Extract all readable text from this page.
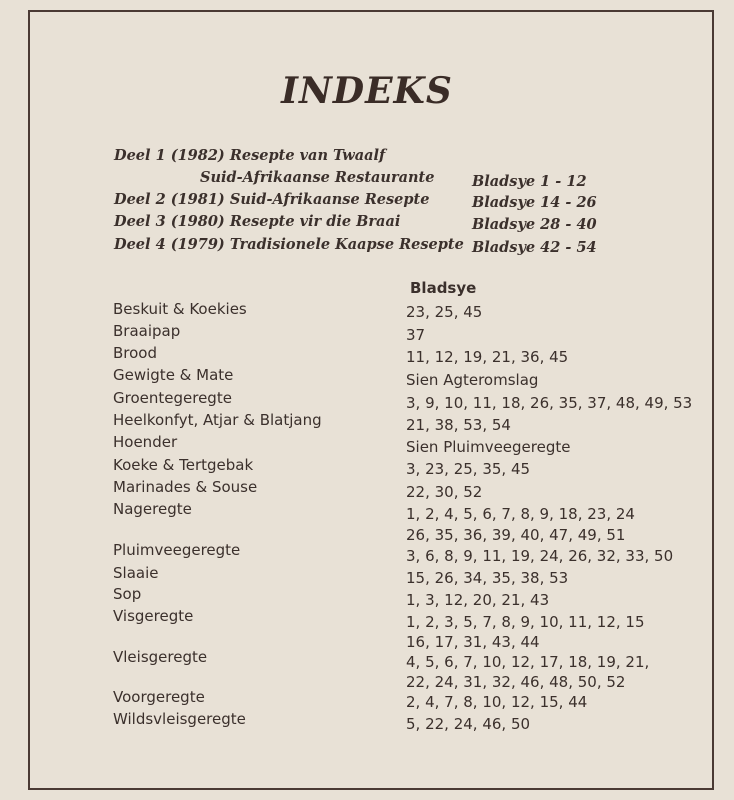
INDEKS
Deel 1 (1982) Resepte van Twaalf
Suid-Afrikaanse Restaurante	Bladsye 1 - 12
Deel 2 (1981) Suid-Afrikaanse Resepte	Bladsye 14 - 26
Deel 3 (1980) Resepte vir die Braai	Bladsye 28 - 40
Deel 4 (1979) Tradisionele Kaapse Resepte Bladsye 42 - 54
Bladsye
Beskuit & Koekies	23, 25, 45
Braaipap	37
Brood	11, 12, 19, 21, 36, 45
Gewigte & Mate	Sien Agteromslag
Groentegeregte	3, 9, 10, 11, 18, 26, 35, 37, 48, 49, 53
Heelkonfyt, Atjar & Blatjang	21, 38, 53, 54
Hoender	Sien Pluimveegeregte
Koeke & Tertgebak	3, 23, 25, 35, 45
Marinades & Souse	22, 30, 52
Nageregte	1, 2, 4, 5, 6, 7, 8, 9, 18, 23, 24
26, 35, 36, 39, 40, 47, 49, 51
Pluimveegeregte	3, 6, 8, 9, 11, 19, 24, 26, 32, 33, 50
Slaaie	15, 26, 34, 35, 38, 53
Sop	1, 3, 12, 20, 21, 43
Visgeregte	1, 2, 3, 5, 7, 8, 9, 10, 11, 12, 15
16, 17, 31, 43, 44
Vleisgeregte	4, 5, 6, 7, 10, 12, 17, 18, 19, 21,
22, 24, 31, 32, 46, 48, 50, 52
Voorgeregte	2, 4, 7, 8, 10, 12, 15, 44
Wildsvleisgeregte	5, 22, 24, 46, 50
